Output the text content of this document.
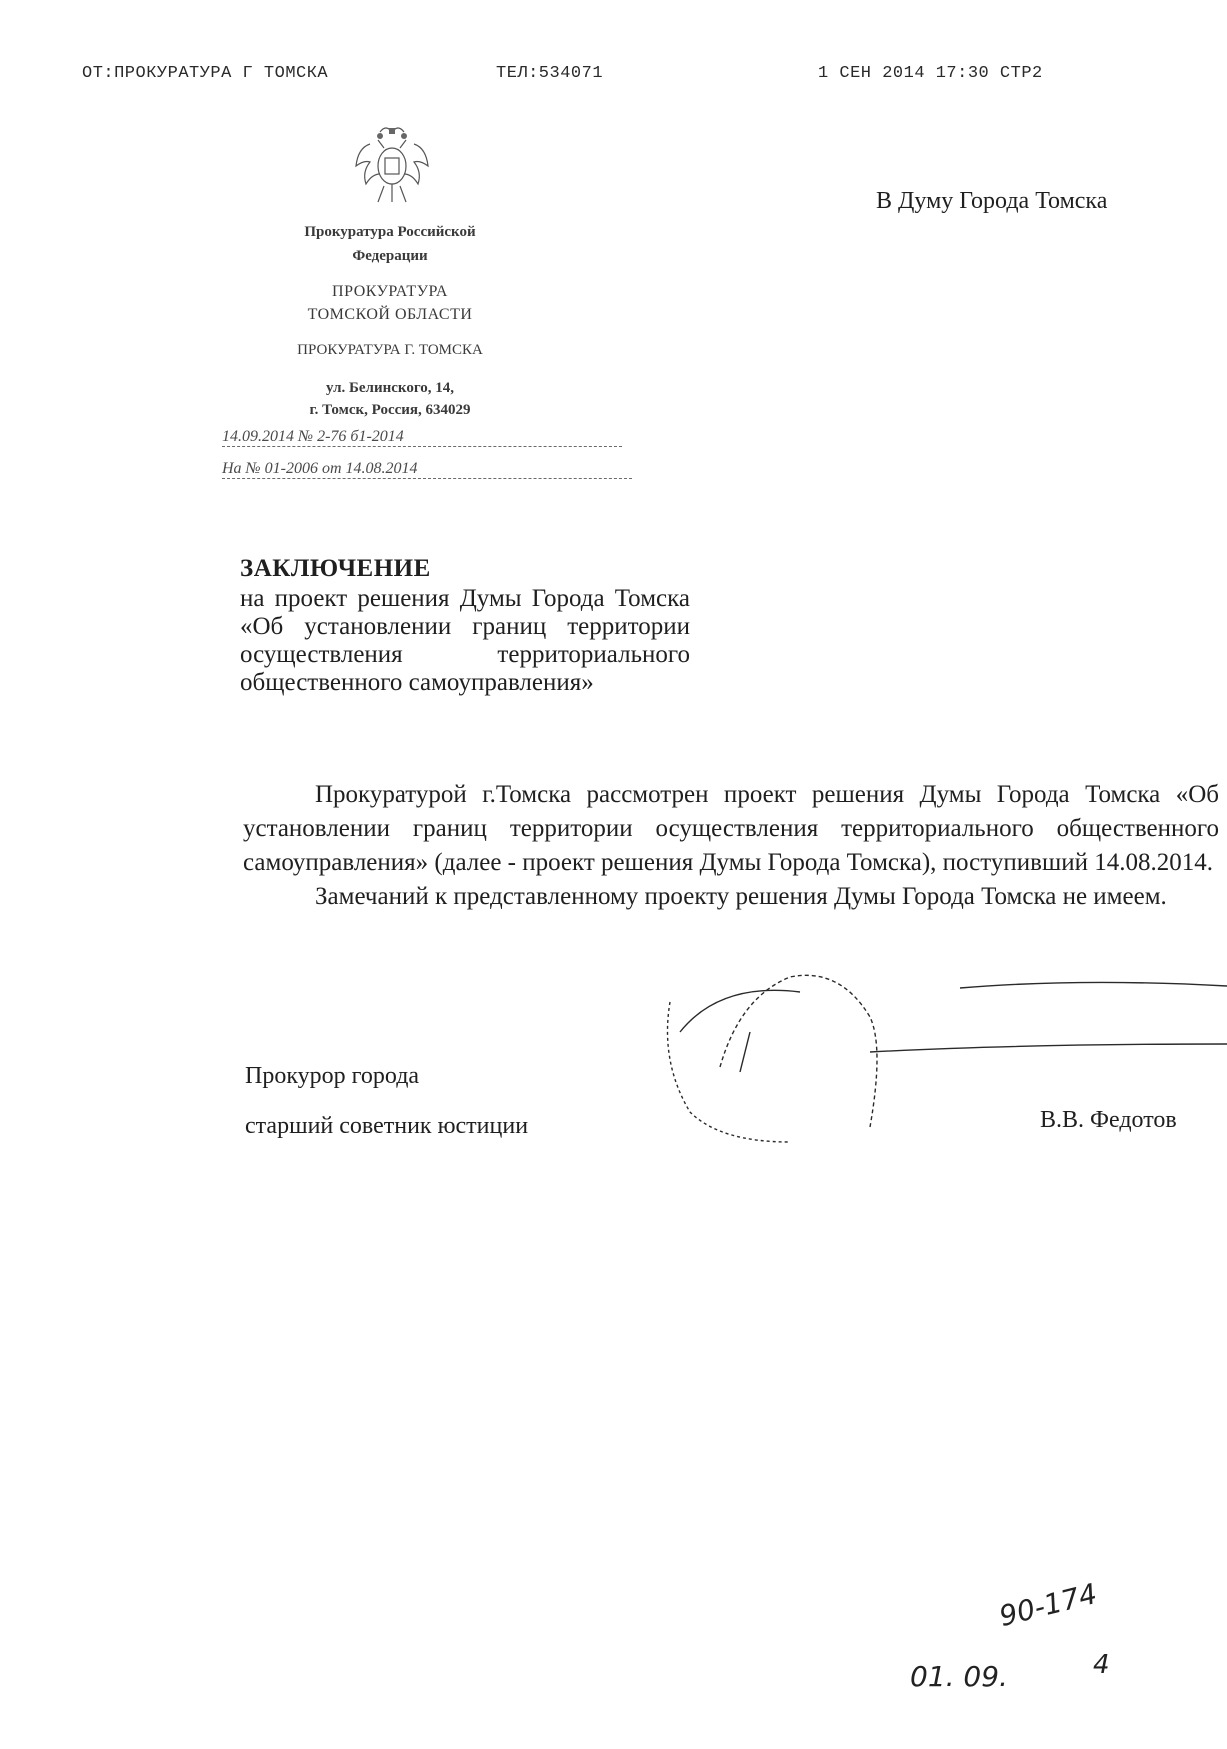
ОТ:ПРОКУРАТУРА Г ТОМСКА	ТЕЛ:534071	1 СЕН 2014 17:30 СТР2
Прокуратура Российской
Федерации
ПРОКУРАТУРА
ТОМСКОЙ ОБЛАСТИ
ПРОКУРАТУРА Г. ТОМСКА
ул. Белинского, 14,
г. Томск, Россия, 634029
14.09.2014 № 2-76 б1-2014
На № 01-2006 от 14.08.2014
В Думу Города Томска
ЗАКЛЮЧЕНИЕ
на проект решения Думы Города Томска «Об установлении границ территории осуществления территориального общественного самоуправления»

Прокуратурой г.Томска рассмотрен проект решения Думы Города Томска «Об установлении границ территории осуществления территориального общественного самоуправления» (далее - проект решения Думы Города Томска), поступивший 14.08.2014.

Замечаний к представленному проекту решения Думы Города Томска не имеем.

Прокурор города
старший советник юстиции	В.В. Федотов
90-174
01. 09.	4
